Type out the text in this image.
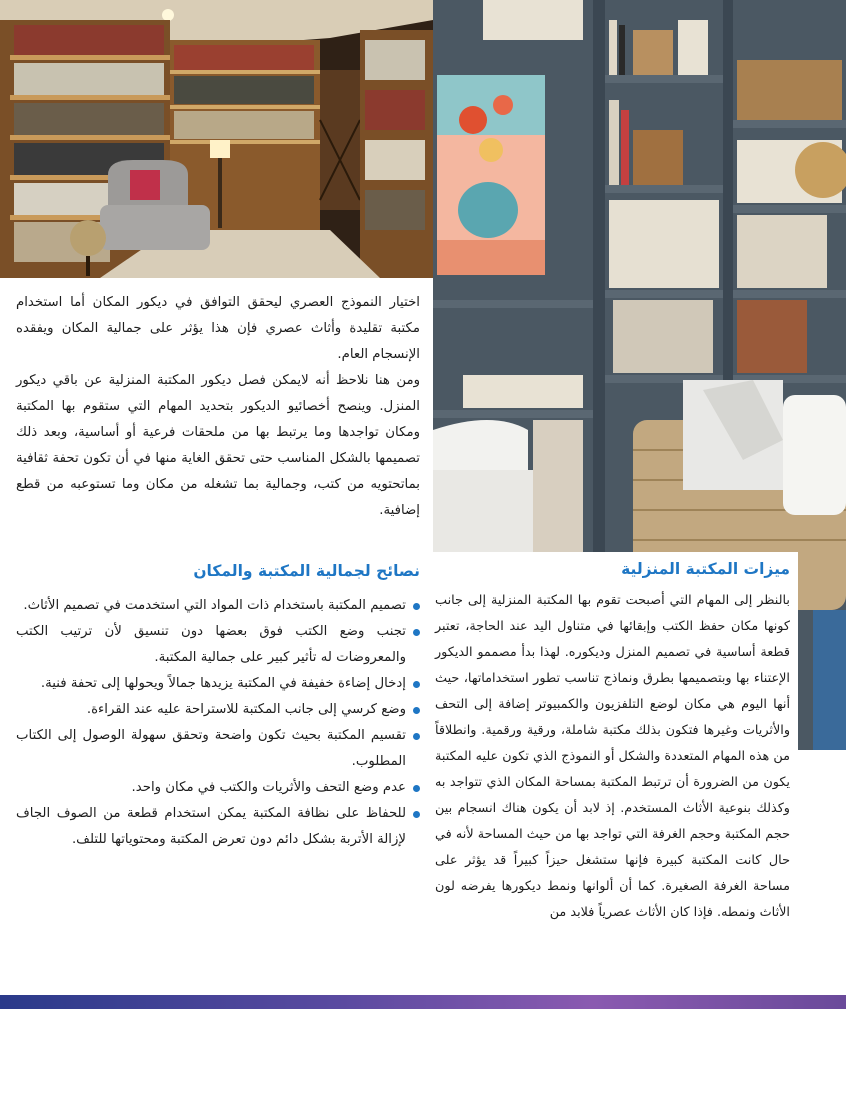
اختيار النموذج العصري ليحقق التوافق في ديكور المكان أما استخدام مكتبة تقليدة وأثاث عصري فإن هذا يؤثر على جمالية المكان ويفقده الإنسجام العام.

ومن هنا نلاحظ أنه لايمكن فصل ديكور المكتبة المنزلية عن باقي ديكور المنزل. وينصح أخصائيو الديكور بتحديد المهام التي ستقوم بها المكتبة ومكان تواجدها وما يرتبط بها من ملحقات فرعية أو أساسية، وبعد ذلك تصميمها بالشكل المناسب حتى تحقق الغاية منها في أن تكون تحفة ثقافية بماتحتويه من كتب، وجمالية بما تشغله من مكان وما تستوعبه من قطع إضافية.

نصائح لجمالية المكتبة والمكان
تصميم المكتبة باستخدام ذات المواد التي استخدمت في تصميم الأثاث.
تجنب وضع الكتب فوق بعضها دون تنسيق لأن ترتيب الكتب والمعروضات له تأثير كبير على جمالية المكتبة.
إدخال إضاءة خفيفة في المكتبة يزيدها جمالاً ويحولها إلى تحفة فنية.
وضع كرسي إلى جانب المكتبة للاستراحة عليه عند القراءة.
تقسيم المكتبة بحيث تكون واضحة وتحقق سهولة الوصول إلى الكتاب المطلوب.
عدم وضع التحف والأثريات والكتب في مكان واحد.
للحفاظ على نظافة المكتبة يمكن استخدام قطعة من الصوف الجاف لإزالة الأتربة بشكل دائم دون تعرض المكتبة ومحتوياتها للتلف.
ميزات المكتبة المنزلية
بالنظر إلى المهام التي أصبحت تقوم بها المكتبة المنزلية إلى جانب كونها مكان حفظ الكتب وإبقائها في متناول اليد عند الحاجة، تعتبر قطعة أساسية في تصميم المنزل وديكوره. لهذا بدأ مصممو الديكور الإعتناء بها وبتصميمها بطرق ونماذج تناسب تطور استخداماتها، حيث أنها اليوم هي مكان لوضع التلفزيون والكمبيوتر إضافة إلى التحف والأثريات وغيرها فتكون بذلك مكتبة شاملة، ورقية ورقمية. وانطلاقاً من هذه المهام المتعددة والشكل أو النموذج الذي تكون عليه المكتبة يكون من الضرورة أن ترتبط المكتبة بمساحة المكان الذي تتواجد به وكذلك بنوعية الأثاث المستخدم. إذ لابد أن يكون هناك انسجام بين حجم المكتبة وحجم الغرفة التي تواجد بها من حيث المساحة لأنه في حال كانت المكتبة كبيرة فإنها ستشغل حيزاً كبيراً قد يؤثر على مساحة الغرفة الصغيرة. كما أن ألوانها ونمط ديكورها يفرضه لون الأثاث ونمطه. فإذا كان الأثاث عصرياً فلابد من
